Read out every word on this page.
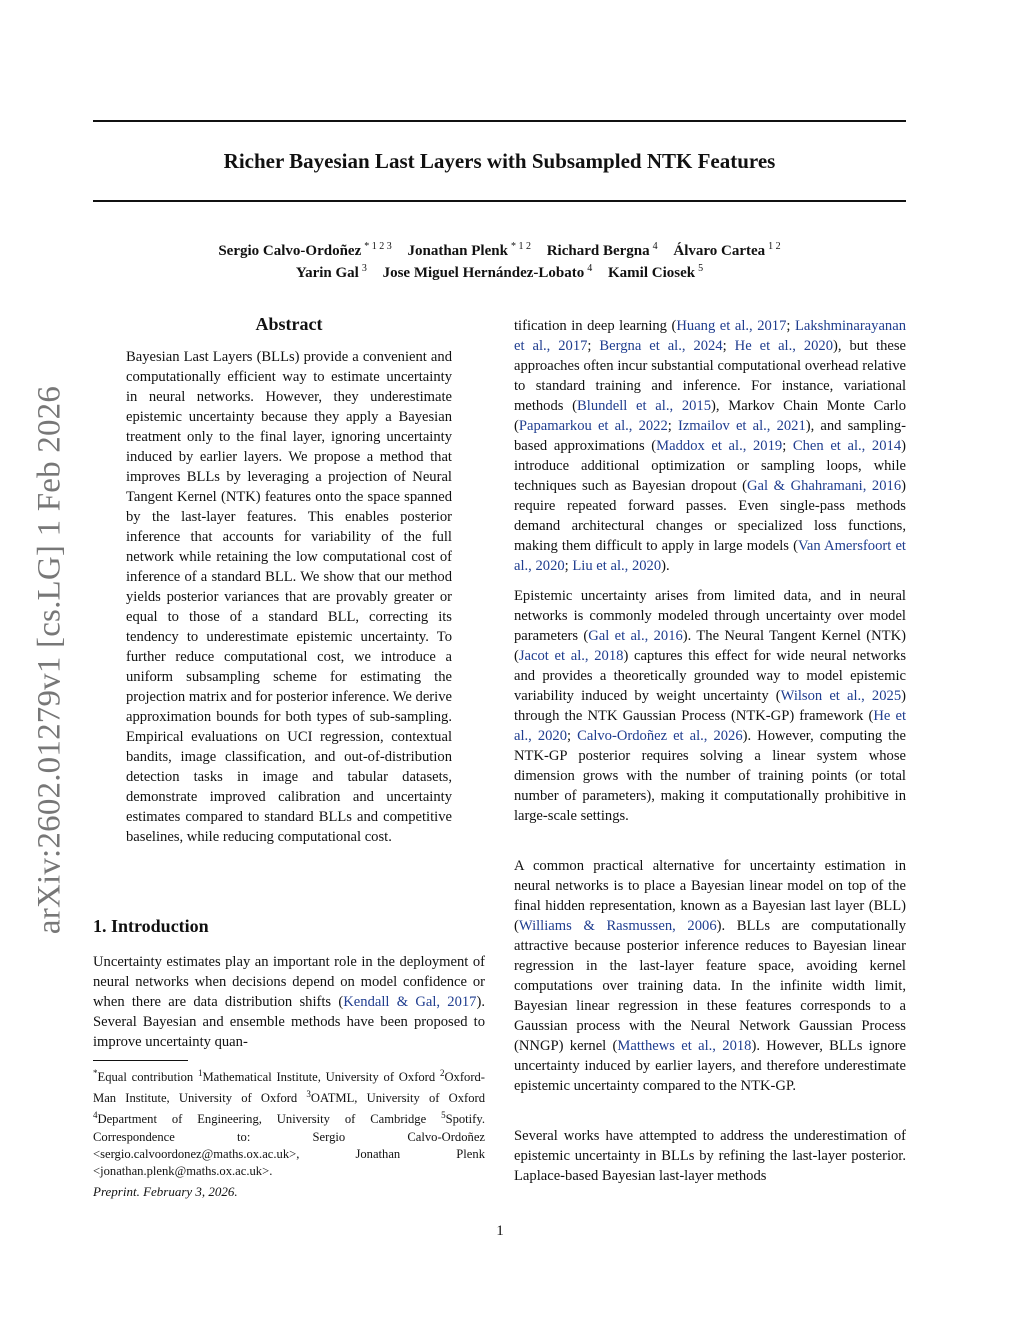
Richer Bayesian Last Layers with Subsampled NTK Features
Sergio Calvo-Ordoñez $^{* 1 2 3}$ Jonathan Plenk $^{* 1 2}$ Richard Bergna $^4$ Álvaro Cartea $^{1 2}$
Yarin Gal $^3$ Jose Miguel Hernández-Lobato $^4$ Kamil Ciosek $^5$
arXiv:2602.01279v1 [cs.LG] 1 Feb 2026
Abstract

Bayesian Last Layers (BLLs) provide a convenient and computationally efficient way to estimate uncertainty in neural networks. However, they underestimate epistemic uncertainty because they apply a Bayesian treatment only to the final layer, ignoring uncertainty induced by earlier layers. We propose a method that improves BLLs by leveraging a projection of Neural Tangent Kernel (NTK) features onto the space spanned by the last-layer features. This enables posterior inference that accounts for variability of the full network while retaining the low computational cost of inference of a standard BLL. We show that our method yields posterior variances that are provably greater or equal to those of a standard BLL, correcting its tendency to underestimate epistemic uncertainty. To further reduce computational cost, we introduce a uniform subsampling scheme for estimating the projection matrix and for posterior inference. We derive approximation bounds for both types of sub-sampling. Empirical evaluations on UCI regression, contextual bandits, image classification, and out-of-distribution detection tasks in image and tabular datasets, demonstrate improved calibration and uncertainty estimates compared to standard BLLs and competitive baselines, while reducing computational cost.

1. Introduction

Uncertainty estimates play an important role in the deployment of neural networks when decisions depend on model confidence or when there are data distribution shifts (Kendall & Gal, 2017). Several Bayesian and ensemble methods have been proposed to improve uncertainty quan-

*Equal contribution $^1$Mathematical Institute, University of Oxford $^2$Oxford-Man Institute, University of Oxford $^3$OATML, University of Oxford $^4$Department of Engineering, University of Cambridge $^5$Spotify. Correspondence to: Sergio Calvo-Ordoñez <sergio.calvoordonez@maths.ox.ac.uk>, Jonathan Plenk <jonathan.plenk@maths.ox.ac.uk>.

Preprint. February 3, 2026.

tification in deep learning (Huang et al., 2017; Lakshminarayanan et al., 2017; Bergna et al., 2024; He et al., 2020), but these approaches often incur substantial computational overhead relative to standard training and inference. For instance, variational methods (Blundell et al., 2015), Markov Chain Monte Carlo (Papamarkou et al., 2022; Izmailov et al., 2021), and sampling-based approximations (Maddox et al., 2019; Chen et al., 2014) introduce additional optimization or sampling loops, while techniques such as Bayesian dropout (Gal & Ghahramani, 2016) require repeated forward passes. Even single-pass methods demand architectural changes or specialized loss functions, making them difficult to apply in large models (Van Amersfoort et al., 2020; Liu et al., 2020).

Epistemic uncertainty arises from limited data, and in neural networks is commonly modeled through uncertainty over model parameters (Gal et al., 2016). The Neural Tangent Kernel (NTK) (Jacot et al., 2018) captures this effect for wide neural networks and provides a theoretically grounded way to model epistemic variability induced by weight uncertainty (Wilson et al., 2025) through the NTK Gaussian Process (NTK-GP) framework (He et al., 2020; Calvo-Ordoñez et al., 2026). However, computing the NTK-GP posterior requires solving a linear system whose dimension grows with the number of training points (or total number of parameters), making it computationally prohibitive in large-scale settings.

A common practical alternative for uncertainty estimation in neural networks is to place a Bayesian linear model on top of the final hidden representation, known as a Bayesian last layer (BLL) (Williams & Rasmussen, 2006). BLLs are computationally attractive because posterior inference reduces to Bayesian linear regression in the last-layer feature space, avoiding kernel computations over training data. In the infinite width limit, Bayesian linear regression in these features corresponds to a Gaussian process with the Neural Network Gaussian Process (NNGP) kernel (Matthews et al., 2018). However, BLLs ignore uncertainty induced by earlier layers, and therefore underestimate epistemic uncertainty compared to the NTK-GP.

Several works have attempted to address the underestimation of epistemic uncertainty in BLLs by refining the last-layer posterior. Laplace-based Bayesian last-layer methods

1
